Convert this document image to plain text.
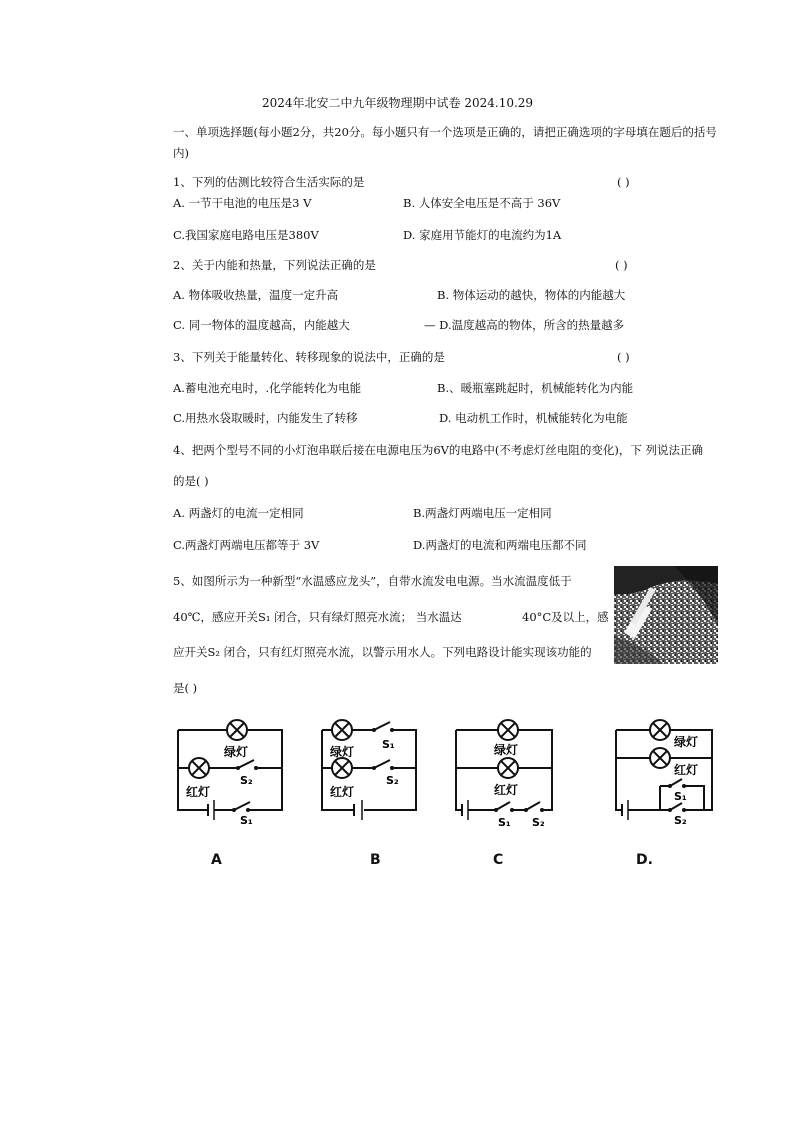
2024年北安二中九年级物理期中试卷 2024.10.29
一、单项选择题(每小题2分，共20分。每小题只有一个选项是正确的，请把正确选项的字母填在题后的括号
内)
1、下列的估测比较符合生活实际的是	( )
A. 一节干电池的电压是3 V	B. 人体安全电压是不高于 36V
C.我国家庭电路电压是380V	D. 家庭用节能灯的电流约为1A
2、关于内能和热量，下列说法正确的是	( )
A. 物体吸收热量，温度一定升高	B. 物体运动的越快，物体的内能越大
C. 同一物体的温度越高，内能越大	— D.温度越高的物体，所含的热量越多
3、下列关于能量转化、转移现象的说法中，正确的是	( )
A.蓄电池充电时，.化学能转化为电能	B.、暖瓶塞跳起时，机械能转化为内能
C.用热水袋取暖时，内能发生了转移	D. 电动机工作时，机械能转化为电能
4、把两个型号不同的小灯泡串联后接在电源电压为6V的电路中(不考虑灯丝电阻的变化)，下 列说法正确
的是( )
A. 两盏灯的电流一定相同	B.两盏灯两端电压一定相同
C.两盏灯两端电压都等于 3V	D.两盏灯的电流和两端电压都不同
5、如图所示为一种新型“水温感应龙头”，自带水流发电电源。当水流温度低于
40℃，感应开关S₁ 闭合，只有绿灯照亮水流； 当水温达	40°C及以上，感
应开关S₂ 闭合，只有红灯照亮水流，以警示用水人。下列电路设计能实现该功能的
是( )
绿灯
红灯
S₂
S₁
A
绿灯
S₁
红灯
S₂
B
绿灯
红灯
S₁ S₂
C
绿灯
红灯
S₁
S₂
D.
